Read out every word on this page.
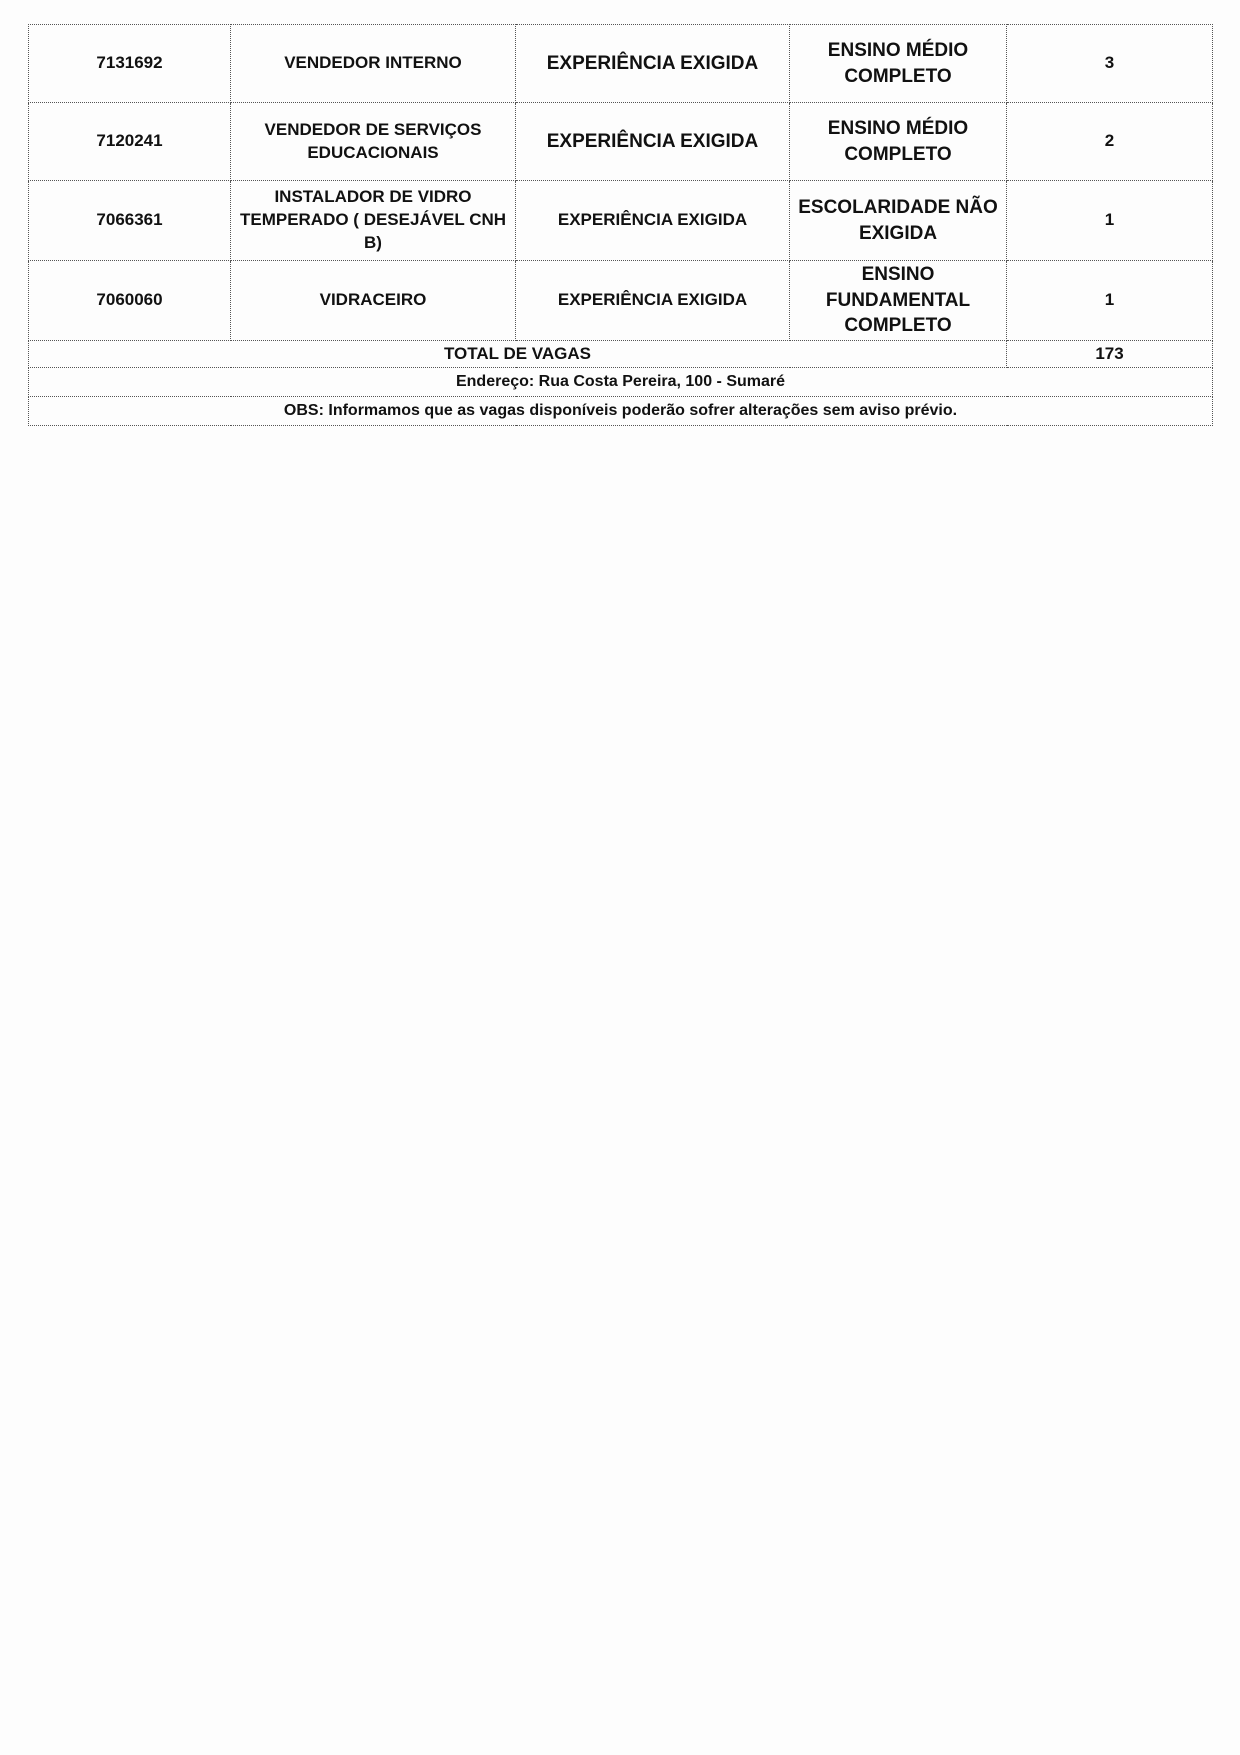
7131692	VENDEDOR INTERNO	EXPERIÊNCIA EXIGIDA	ENSINO MÉDIO COMPLETO	3
7120241	VENDEDOR DE SERVIÇOS EDUCACIONAIS	EXPERIÊNCIA EXIGIDA	ENSINO MÉDIO COMPLETO	2
7066361	INSTALADOR DE VIDRO TEMPERADO ( DESEJÁVEL CNH B)	EXPERIÊNCIA EXIGIDA	ESCOLARIDADE NÃO EXIGIDA	1
7060060	VIDRACEIRO	EXPERIÊNCIA EXIGIDA	ENSINO FUNDAMENTAL COMPLETO	1
TOTAL DE VAGAS				173
Endereço: Rua Costa Pereira, 100 - Sumaré				
OBS: Informamos que as vagas disponíveis poderão sofrer alterações sem aviso prévio.				
